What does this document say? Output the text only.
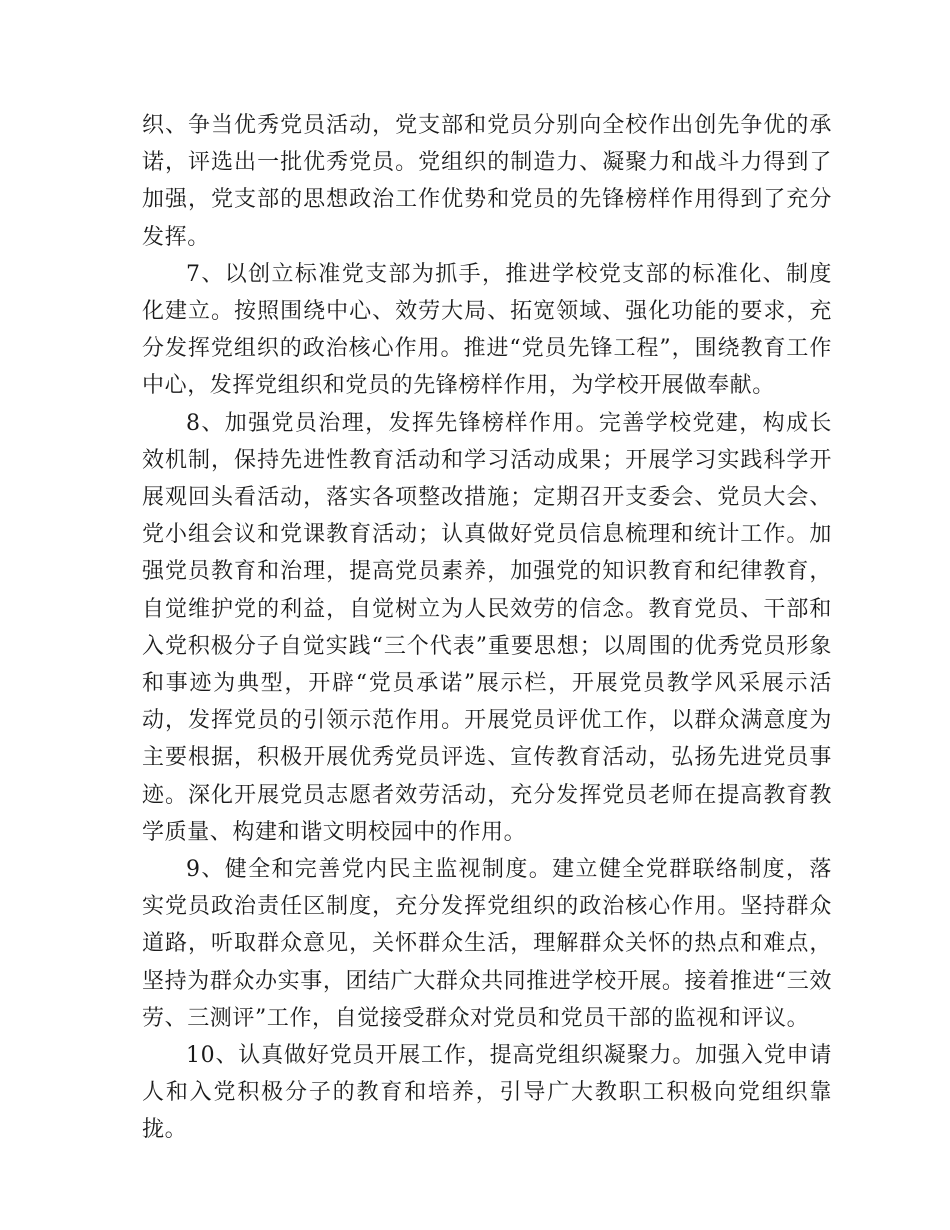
织、争当优秀党员活动，党支部和党员分别向全校作出创先争优的承诺，评选出一批优秀党员。党组织的制造力、凝聚力和战斗力得到了加强，党支部的思想政治工作优势和党员的先锋榜样作用得到了充分发挥。

7、以创立标准党支部为抓手，推进学校党支部的标准化、制度化建立。按照围绕中心、效劳大局、拓宽领域、强化功能的要求，充分发挥党组织的政治核心作用。推进“党员先锋工程”，围绕教育工作中心，发挥党组织和党员的先锋榜样作用，为学校开展做奉献。

8、加强党员治理，发挥先锋榜样作用。完善学校党建，构成长效机制，保持先进性教育活动和学习活动成果；开展学习实践科学开展观回头看活动，落实各项整改措施；定期召开支委会、党员大会、党小组会议和党课教育活动；认真做好党员信息梳理和统计工作。加强党员教育和治理，提高党员素养，加强党的知识教育和纪律教育，自觉维护党的利益，自觉树立为人民效劳的信念。教育党员、干部和入党积极分子自觉实践“三个代表”重要思想；以周围的优秀党员形象和事迹为典型，开辟“党员承诺”展示栏，开展党员教学风采展示活动，发挥党员的引领示范作用。开展党员评优工作，以群众满意度为主要根据，积极开展优秀党员评选、宣传教育活动，弘扬先进党员事迹。深化开展党员志愿者效劳活动，充分发挥党员老师在提高教育教学质量、构建和谐文明校园中的作用。

9、健全和完善党内民主监视制度。建立健全党群联络制度，落实党员政治责任区制度，充分发挥党组织的政治核心作用。坚持群众道路，听取群众意见，关怀群众生活，理解群众关怀的热点和难点，坚持为群众办实事，团结广大群众共同推进学校开展。接着推进“三效劳、三测评”工作，自觉接受群众对党员和党员干部的监视和评议。

10、认真做好党员开展工作，提高党组织凝聚力。加强入党申请人和入党积极分子的教育和培养，引导广大教职工积极向党组织靠拢。
